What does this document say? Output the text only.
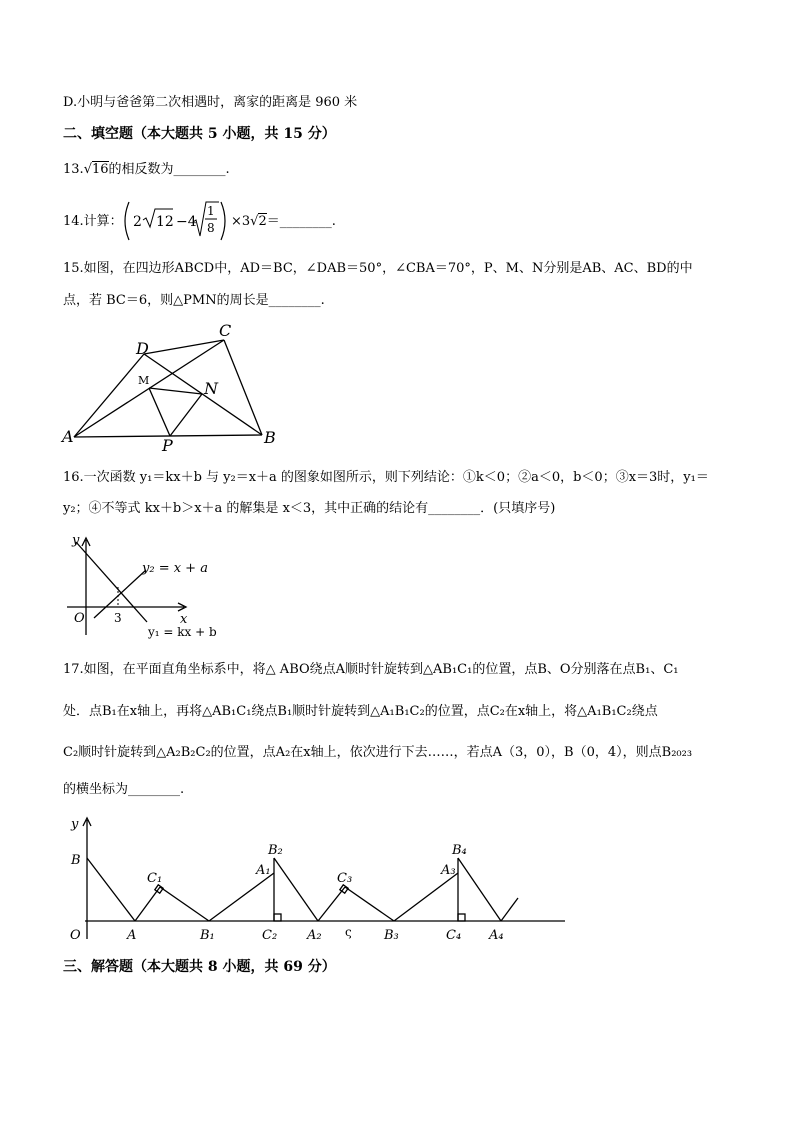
D.小明与爸爸第二次相遇时，离家的距离是 960 米
二、填空题（本大题共 5 小题，共 15 分）
13.√16的相反数为________.
14.计算： 2 12 −4
1
8 ×3√2＝________.
15.如图，在四边形ABCD中，AD＝BC，∠DAB＝50°，∠CBA＝70°，P、M、N分别是AB、AC、BD的中
点，若 BC＝6，则△PMN的周长是________.
A	B
C
D
M	N
P
16.一次函数 y₁＝kx＋b 与 y₂＝x＋a 的图象如图所示，则下列结论：①k＜0；②a＜0，b＜0；③x＝3时，y₁＝
y₂；④不等式 kx＋b＞x＋a 的解集是 x＜3，其中正确的结论有________．(只填序号)
y
x
O 3
y₂ = x + a
y₁ = kx + b
17.如图，在平面直角坐标系中，将△ ABO绕点A顺时针旋转到△AB₁C₁的位置，点B、O分别落在点B₁、C₁
处．点B₁在x轴上，再将△AB₁C₁绕点B₁顺时针旋转到△A₁B₁C₂的位置，点C₂在x轴上，将△A₁B₁C₂绕点
C₂顺时针旋转到△A₂B₂C₂的位置，点A₂在x轴上，依次进行下去……，若点A（3，0），B（0，4），则点B₂₀₂₃
的横坐标为________.
y
O
B
A
C₁
B₁
A₁
B₂
C₂ A₂
C₃
ς B₃
A₃
B₄
C₄ A₄
三、解答题（本大题共 8 小题，共 69 分）
